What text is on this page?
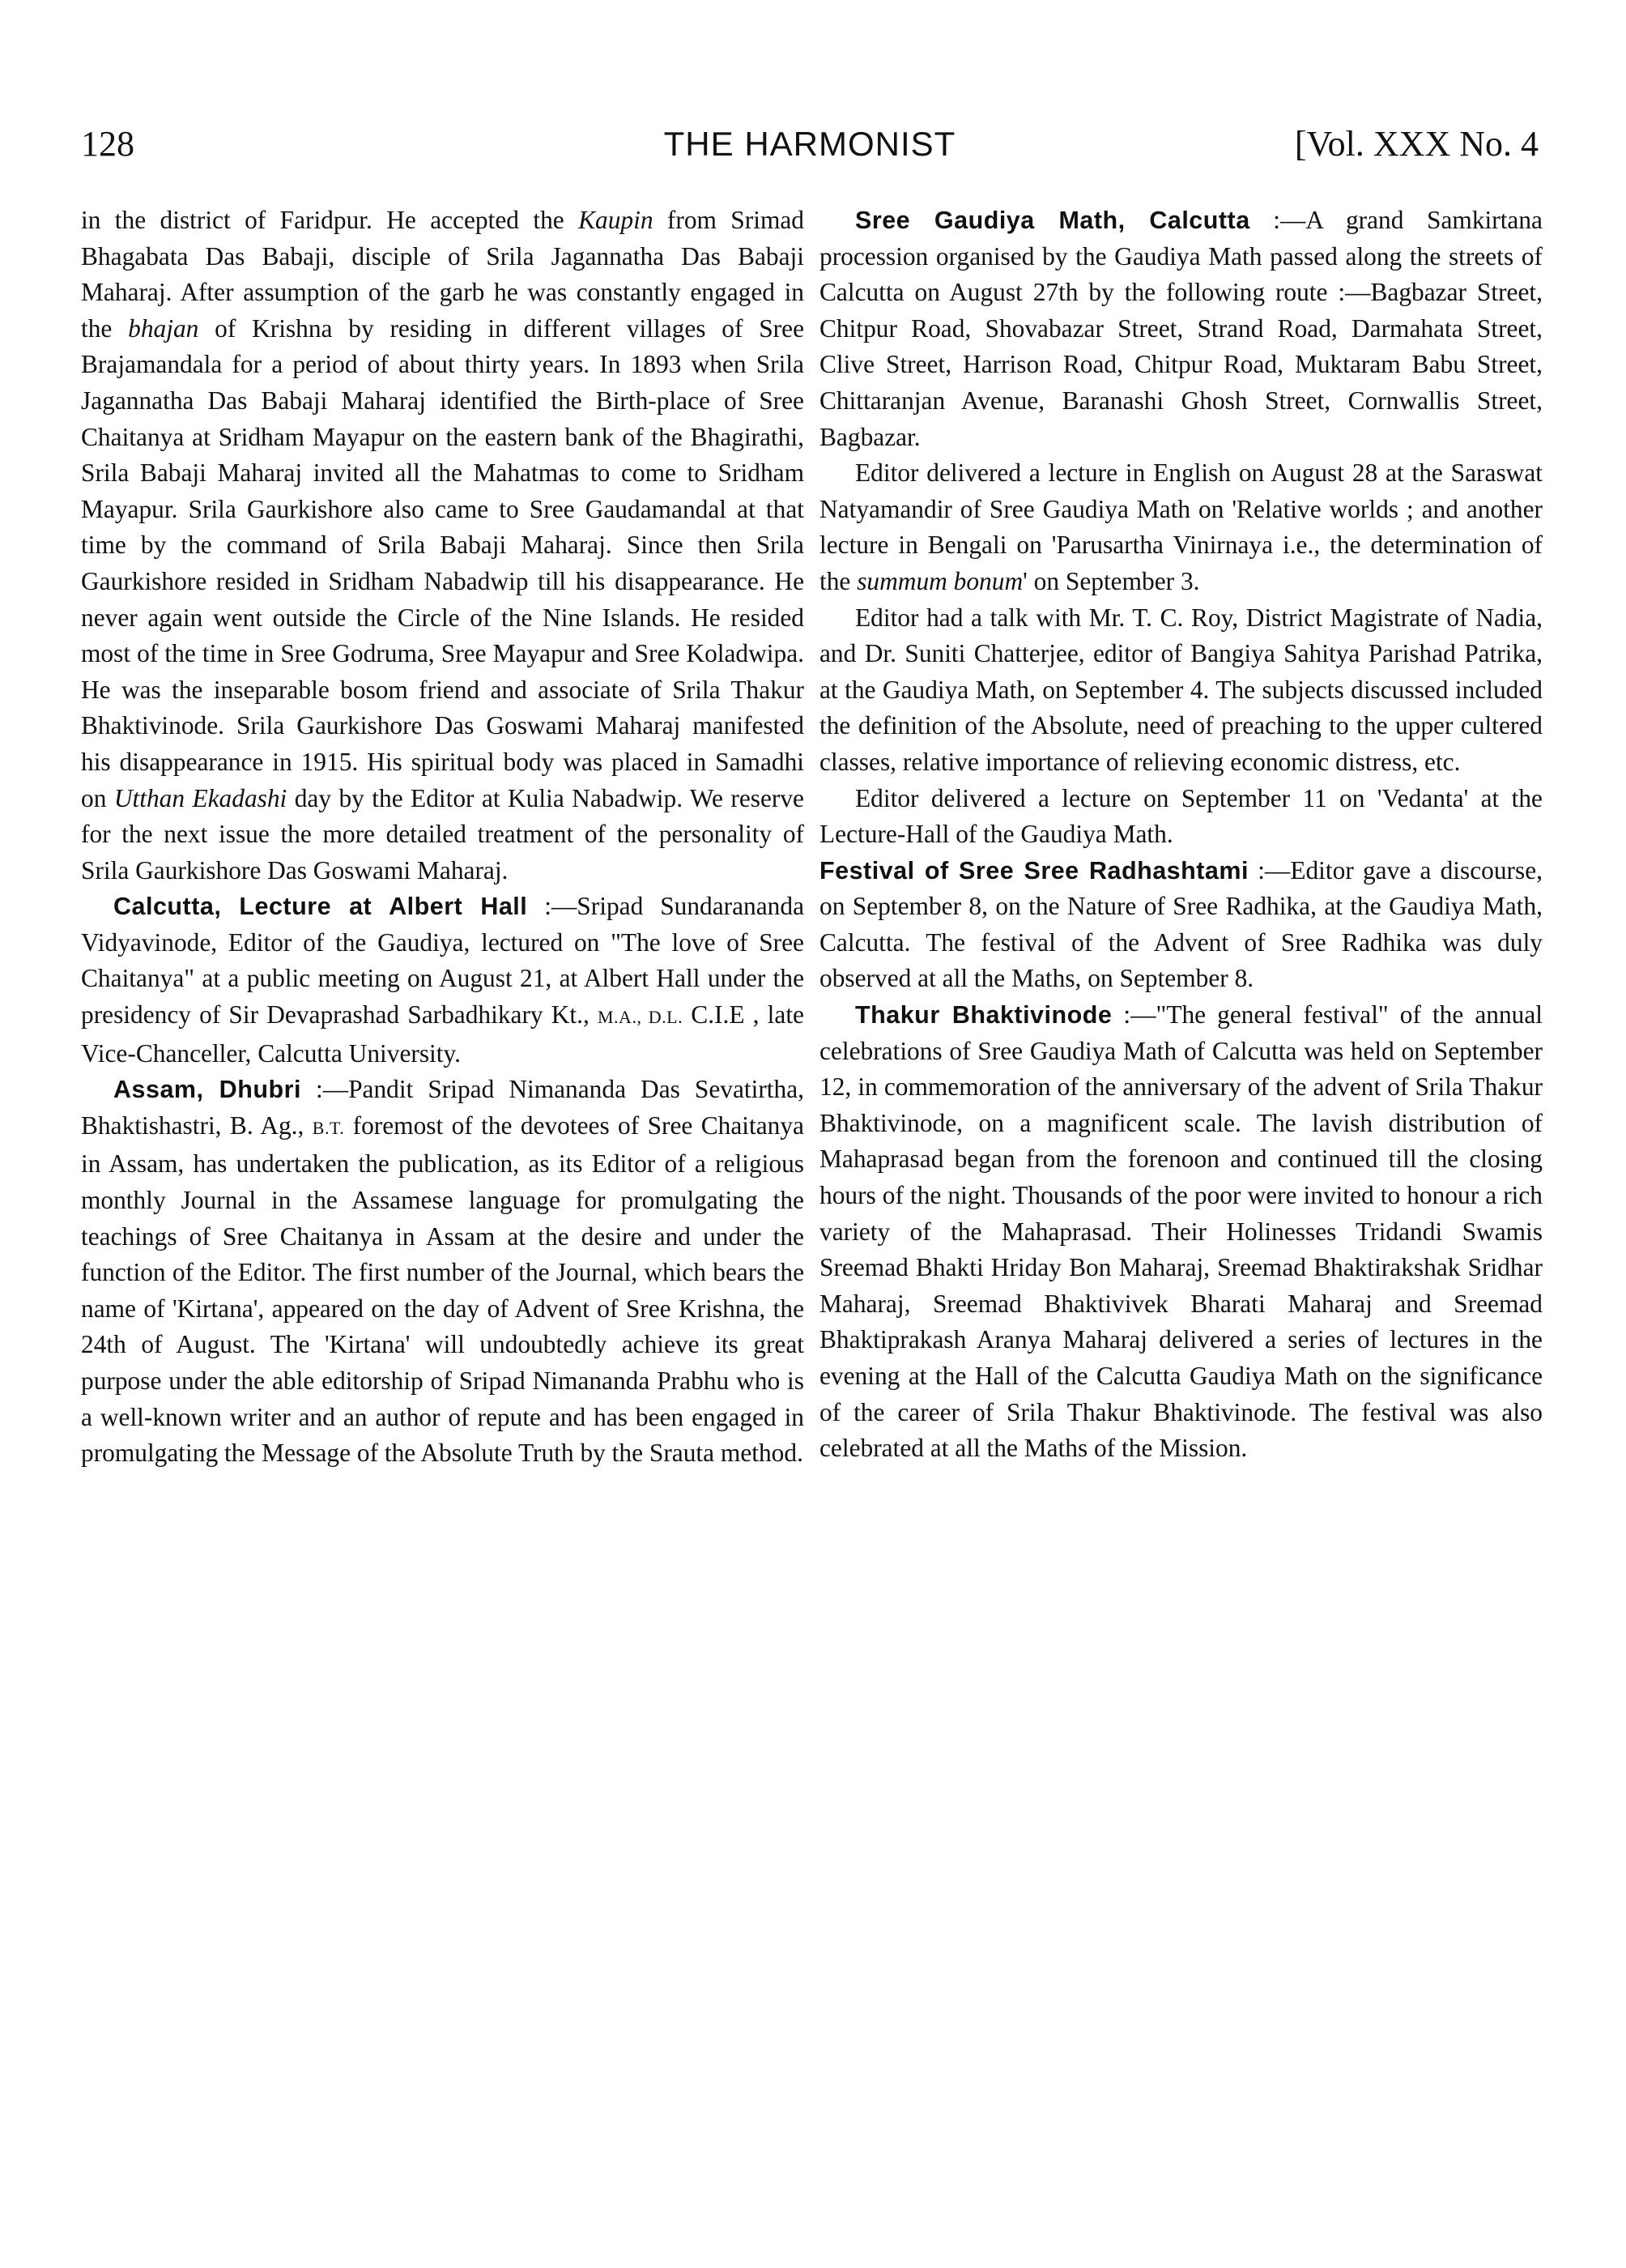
128	THE HARMONIST	[Vol. XXX No. 4

in the district of Faridpur. He accepted the Kaupin from Srimad Bhagabata Das Babaji, disciple of Srila Jagannatha Das Babaji Maharaj. After assumption of the garb he was constantly engaged in the bhajan of Krishna by residing in different villages of Sree Brajamandala for a period of about thirty years. In 1893 when Srila Jagannatha Das Babaji Maharaj identified the Birth-place of Sree Chaitanya at Sridham Mayapur on the eastern bank of the Bhagirathi, Srila Babaji Maharaj invited all the Mahatmas to come to Sridham Mayapur. Srila Gaurkishore also came to Sree Gaudamandal at that time by the command of Srila Babaji Maharaj. Since then Srila Gaurkishore resided in Sridham Nabadwip till his disappearance. He never again went outside the Circle of the Nine Islands. He resided most of the time in Sree Godruma, Sree Mayapur and Sree Koladwipa. He was the inseparable bosom friend and associate of Srila Thakur Bhaktivinode. Srila Gaurkishore Das Goswami Maharaj manifested his disappearance in 1915. His spiritual body was placed in Samadhi on Utthan Ekadashi day by the Editor at Kulia Nabadwip. We reserve for the next issue the more detailed treatment of the personality of Srila Gaurkishore Das Goswami Maharaj.

Calcutta, Lecture at Albert Hall :—Sripad Sundarananda Vidyavinode, Editor of the Gaudiya, lectured on "The love of Sree Chaitanya" at a public meeting on August 21, at Albert Hall under the presidency of Sir Devaprashad Sarbadhikary Kt., M.A., D.L. C.I.E , late Vice-Chanceller, Calcutta University.

Assam, Dhubri :—Pandit Sripad Nimananda Das Sevatirtha, Bhaktishastri, B. Ag., B.T. foremost of the devotees of Sree Chaitanya in Assam, has undertaken the publication, as its Editor of a religious monthly Journal in the Assamese language for promulgating the teachings of Sree Chaitanya in Assam at the desire and under the function of the Editor. The first number of the Journal, which bears the name of 'Kirtana', appeared on the day of Advent of Sree Krishna, the 24th of August. The 'Kirtana' will undoubtedly achieve its great purpose under the able editorship of Sripad Nimananda Prabhu who is a well-known writer and an author of repute and has been engaged in promulgating the Message of the Absolute Truth by the Srauta method.

Sree Gaudiya Math, Calcutta :—A grand Samkirtana procession organised by the Gaudiya Math passed along the streets of Calcutta on August 27th by the following route :—Bagbazar Street, Chitpur Road, Shovabazar Street, Strand Road, Darmahata Street, Clive Street, Harrison Road, Chitpur Road, Muktaram Babu Street, Chittaranjan Avenue, Baranashi Ghosh Street, Cornwallis Street, Bagbazar.

Editor delivered a lecture in English on August 28 at the Saraswat Natyamandir of Sree Gaudiya Math on 'Relative worlds ; and another lecture in Bengali on 'Parusartha Vinirnaya i.e., the determination of the summum bonum' on September 3.

Editor had a talk with Mr. T. C. Roy, District Magistrate of Nadia, and Dr. Suniti Chatterjee, editor of Bangiya Sahitya Parishad Patrika, at the Gaudiya Math, on September 4. The subjects discussed included the definition of the Absolute, need of preaching to the upper cultered classes, relative importance of relieving economic distress, etc.

Editor delivered a lecture on September 11 on 'Vedanta' at the Lecture-Hall of the Gaudiya Math.

Festival of Sree Sree Radhashtami :—Editor gave a discourse, on September 8, on the Nature of Sree Radhika, at the Gaudiya Math, Calcutta. The festival of the Advent of Sree Radhika was duly observed at all the Maths, on September 8.

Thakur Bhaktivinode :—"The general festival" of the annual celebrations of Sree Gaudiya Math of Calcutta was held on September 12, in commemoration of the anniversary of the advent of Srila Thakur Bhaktivinode, on a magnificent scale. The lavish distribution of Mahaprasad began from the forenoon and continued till the closing hours of the night. Thousands of the poor were invited to honour a rich variety of the Mahaprasad. Their Holinesses Tridandi Swamis Sreemad Bhakti Hriday Bon Maharaj, Sreemad Bhaktirakshak Sridhar Maharaj, Sreemad Bhaktivivek Bharati Maharaj and Sreemad Bhaktiprakash Aranya Maharaj delivered a series of lectures in the evening at the Hall of the Calcutta Gaudiya Math on the significance of the career of Srila Thakur Bhaktivinode. The festival was also celebrated at all the Maths of the Mission.
